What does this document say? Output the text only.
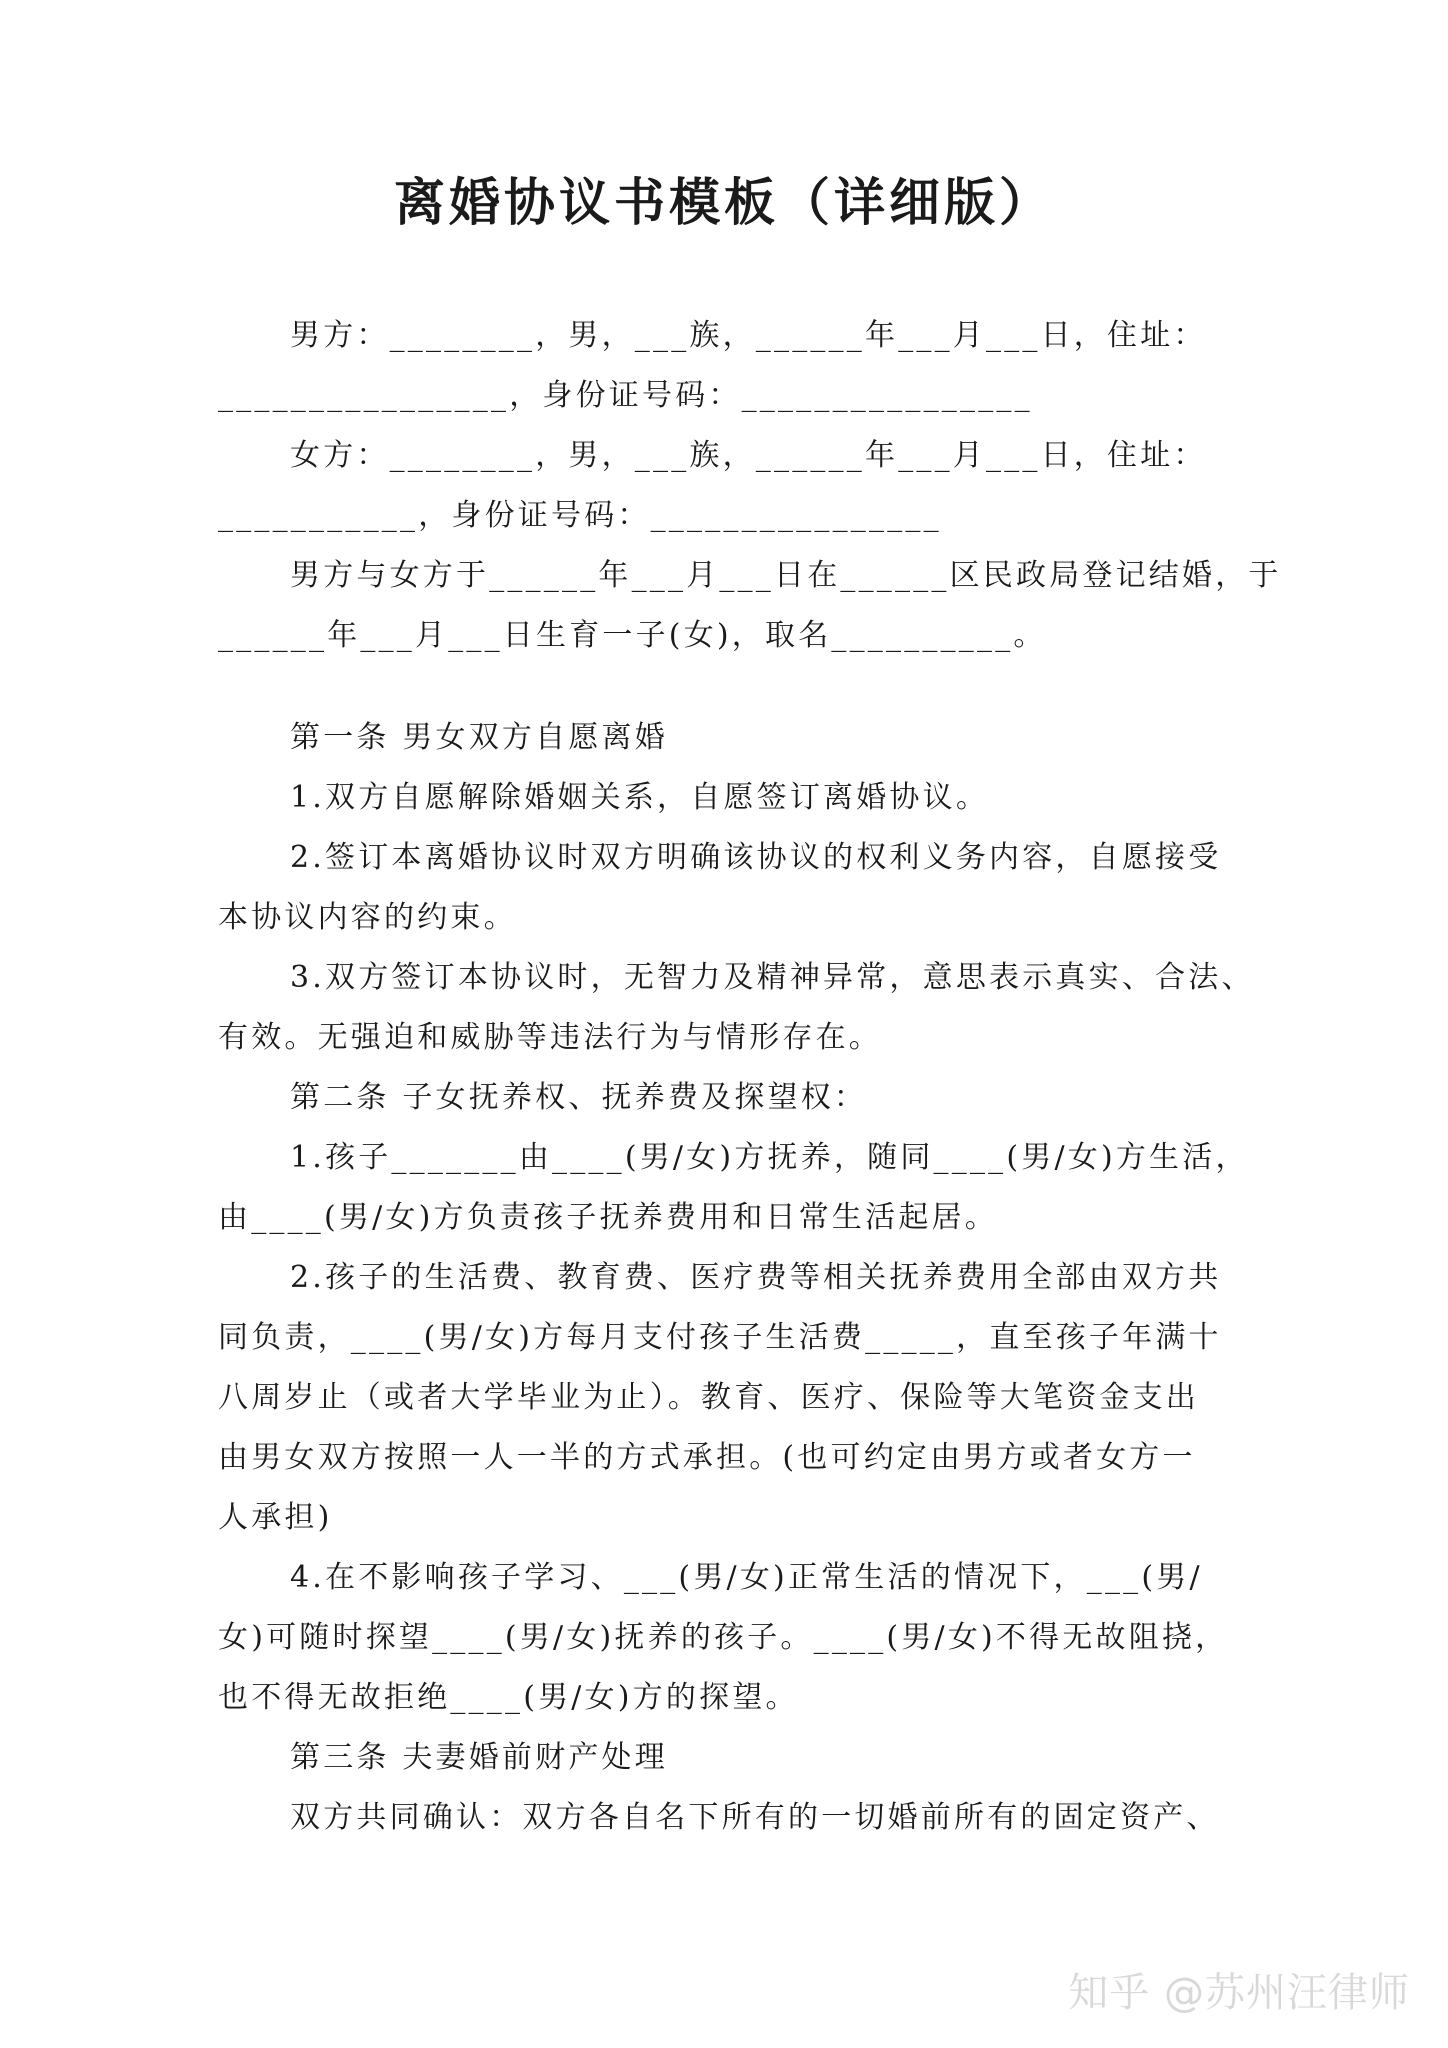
离婚协议书模板（详细版）
男方：________，男，___族，______年___月___日，住址：
________________，身份证号码：________________
女方：________，男，___族，______年___月___日，住址：
___________，身份证号码：________________
男方与女方于______年___月___日在______区民政局登记结婚，于
______年___月___日生育一子(女)，取名__________。
第一条 男女双方自愿离婚
1.双方自愿解除婚姻关系，自愿签订离婚协议。
2.签订本离婚协议时双方明确该协议的权利义务内容，自愿接受
本协议内容的约束。
3.双方签订本协议时，无智力及精神异常，意思表示真实、合法、
有效。无强迫和威胁等违法行为与情形存在。
第二条 子女抚养权、抚养费及探望权：
1.孩子_______由____(男/女)方抚养，随同____(男/女)方生活，
由____(男/女)方负责孩子抚养费用和日常生活起居。
2.孩子的生活费、教育费、医疗费等相关抚养费用全部由双方共
同负责，____(男/女)方每月支付孩子生活费_____，直至孩子年满十
八周岁止（或者大学毕业为止）。教育、医疗、保险等大笔资金支出
由男女双方按照一人一半的方式承担。(也可约定由男方或者女方一
人承担)
4.在不影响孩子学习、___(男/女)正常生活的情况下，___(男/
女)可随时探望____(男/女)抚养的孩子。____(男/女)不得无故阻挠，
也不得无故拒绝____(男/女)方的探望。
第三条 夫妻婚前财产处理
双方共同确认：双方各自名下所有的一切婚前所有的固定资产、
知乎 @苏州汪律师
